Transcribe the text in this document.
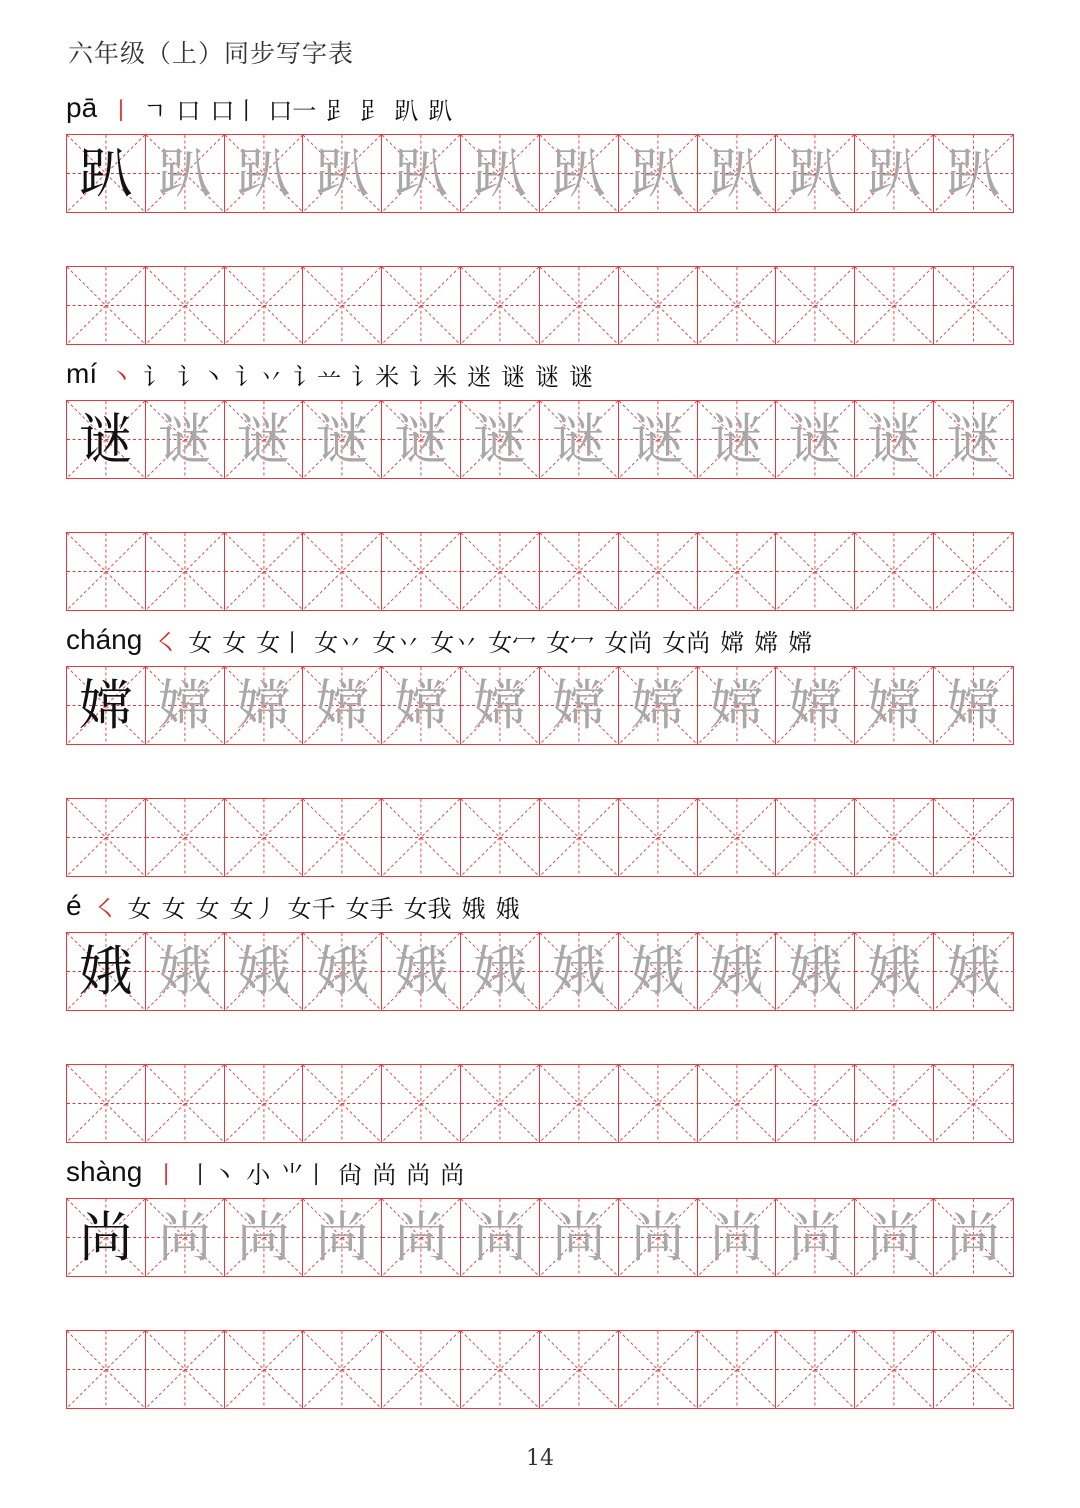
六年级（上）同步写字表
pā 丨 ㄱ 口 口丨 口一 𧾷 𧾷 趴 趴
趴 趴 趴 趴 趴 趴 趴 趴 趴 趴 趴 趴
mí 丶 讠 讠丶 讠丷 讠䒑 讠米 讠米 迷 谜 谜 谜
谜 谜 谜 谜 谜 谜 谜 谜 谜 谜 谜 谜
cháng ㇛ 女 女 女丨 女丷 女丷 女丷 女冖 女冖 女尚 女尚 嫦 嫦 嫦
嫦 嫦 嫦 嫦 嫦 嫦 嫦 嫦 嫦 嫦 嫦 嫦
é ㇛ 女 女 女 女丿 女千 女手 女我 娥 娥
娥 娥 娥 娥 娥 娥 娥 娥 娥 娥 娥 娥
shàng 丨 丨丶 小 ⺌丨 尙 尚 尚 尚
尚 尚 尚 尚 尚 尚 尚 尚 尚 尚 尚 尚
14
